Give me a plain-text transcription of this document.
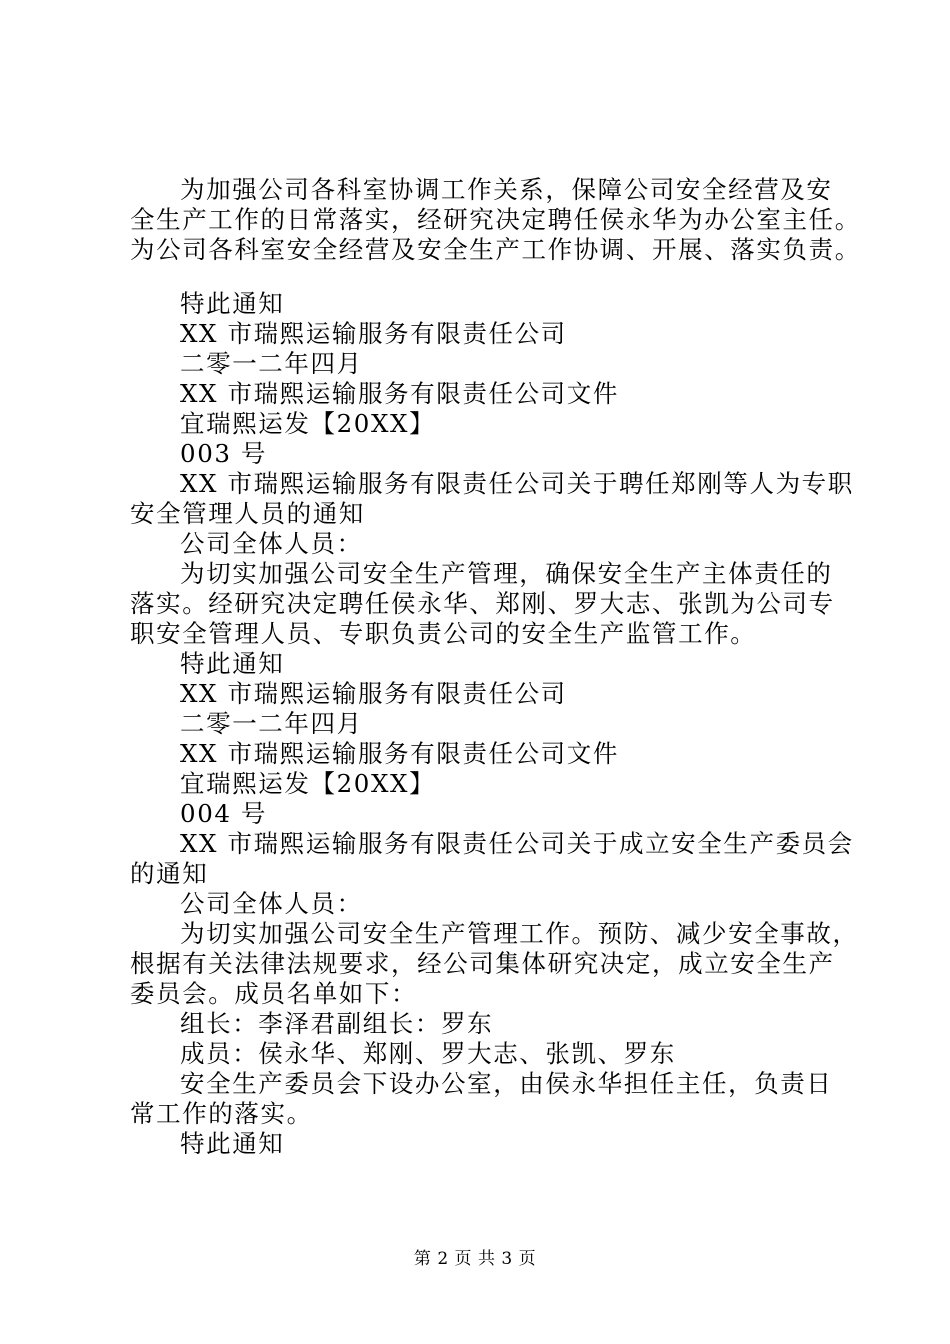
为加强公司各科室协调工作关系，保障公司安全经营及安
全生产工作的日常落实，经研究决定聘任侯永华为办公室主任。
为公司各科室安全经营及安全生产工作协调、开展、落实负责。
特此通知
XX 市瑞熙运输服务有限责任公司
二零一二年四月
XX 市瑞熙运输服务有限责任公司文件
宜瑞熙运发【20XX】
003 号
XX 市瑞熙运输服务有限责任公司关于聘任郑刚等人为专职
安全管理人员的通知
公司全体人员：
为切实加强公司安全生产管理，确保安全生产主体责任的
落实。经研究决定聘任侯永华、郑刚、罗大志、张凯为公司专
职安全管理人员、专职负责公司的安全生产监管工作。
特此通知
XX 市瑞熙运输服务有限责任公司
二零一二年四月
XX 市瑞熙运输服务有限责任公司文件
宜瑞熙运发【20XX】
004 号
XX 市瑞熙运输服务有限责任公司关于成立安全生产委员会
的通知
公司全体人员：
为切实加强公司安全生产管理工作。预防、减少安全事故，
根据有关法律法规要求，经公司集体研究决定，成立安全生产
委员会。成员名单如下：
组长：李泽君副组长：罗东
成员：侯永华、郑刚、罗大志、张凯、罗东
安全生产委员会下设办公室，由侯永华担任主任，负责日
常工作的落实。
特此通知
第 2 页 共 3 页
